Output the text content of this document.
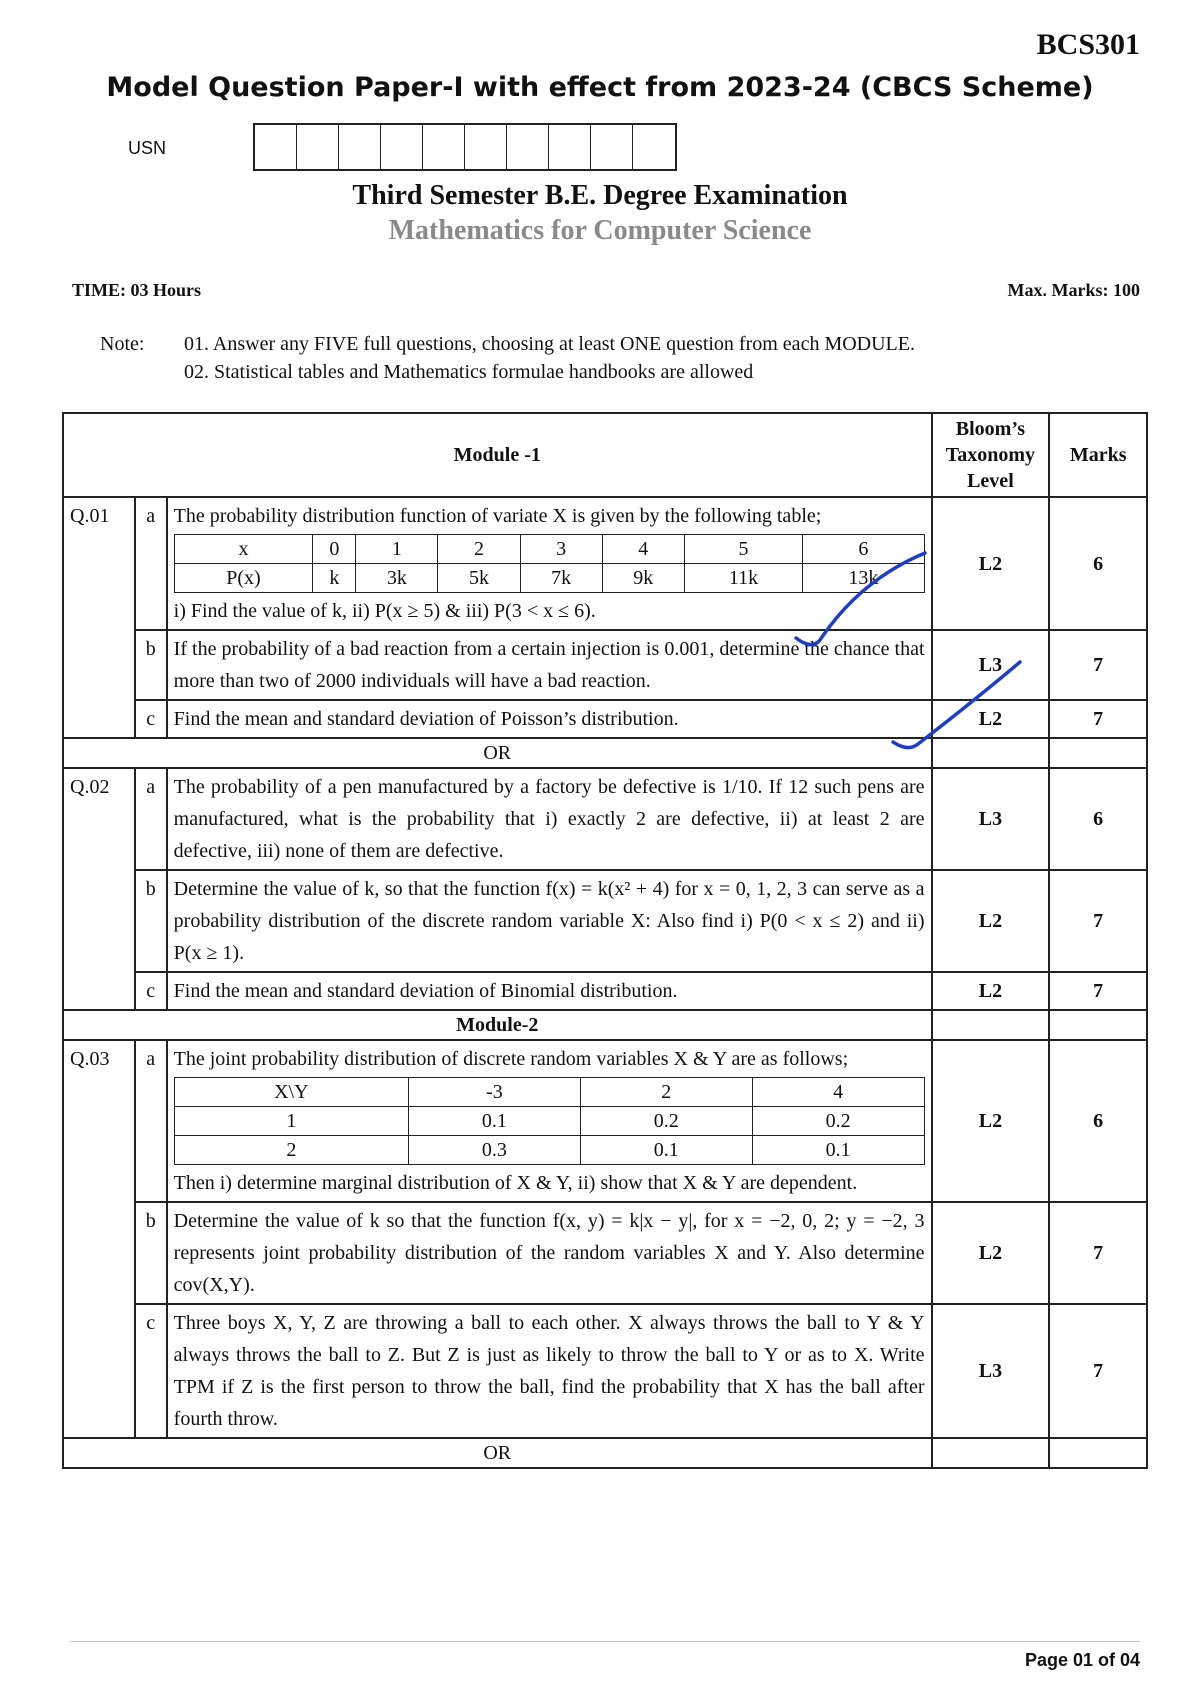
BCS301
Model Question Paper-I with effect from 2023-24 (CBCS Scheme)
USN
Third Semester B.E. Degree Examination
Mathematics for Computer Science
TIME: 03 Hours	Max. Marks: 100
Note: 01. Answer any FIVE full questions, choosing at least ONE question from each MODULE.
02. Statistical tables and Mathematics formulae handbooks are allowed
Module -1	Bloom’s Taxonomy Level	Marks
Q.01	a	The probability distribution function of variate X is given by the following table;
x	0	1	2	3	4	5	6
P(x)	k	3k	5k	7k	9k	11k	13k
i) Find the value of k, ii) P(x ≥ 5) & iii) P(3 < x ≤ 6).
	L2	6
b	If the probability of a bad reaction from a certain injection is 0.001, determine the chance that more than two of 2000 individuals will have a bad reaction.	L3	7
c	Find the mean and standard deviation of Poisson’s distribution.	L2	7
OR		
Q.02	a	The probability of a pen manufactured by a factory be defective is 1/10. If 12 such pens are manufactured, what is the probability that i) exactly 2 are defective, ii) at least 2 are defective, iii) none of them are defective.	L3	6
b	Determine the value of k, so that the function f(x) = k(x² + 4) for x = 0, 1, 2, 3 can serve as a probability distribution of the discrete random variable X: Also find i) P(0 < x ≤ 2) and ii) P(x ≥ 1).	L2	7
c	Find the mean and standard deviation of Binomial distribution.	L2	7
Module-2		
Q.03	a	The joint probability distribution of discrete random variables X & Y are as follows;
X\Y	-3	2	4
1	0.1	0.2	0.2
2	0.3	0.1	0.1
Then i) determine marginal distribution of X & Y, ii) show that X & Y are dependent.
	L2	6
b	Determine the value of k so that the function f(x, y) = k|x − y|, for x = −2, 0, 2; y = −2, 3 represents joint probability distribution of the random variables X and Y. Also determine cov(X,Y).	L2	7
c	Three boys X, Y, Z are throwing a ball to each other. X always throws the ball to Y & Y always throws the ball to Z. But Z is just as likely to throw the ball to Y or as to X. Write TPM if Z is the first person to throw the ball, find the probability that X has the ball after fourth throw.	L3	7
OR		
Page 01 of 04
